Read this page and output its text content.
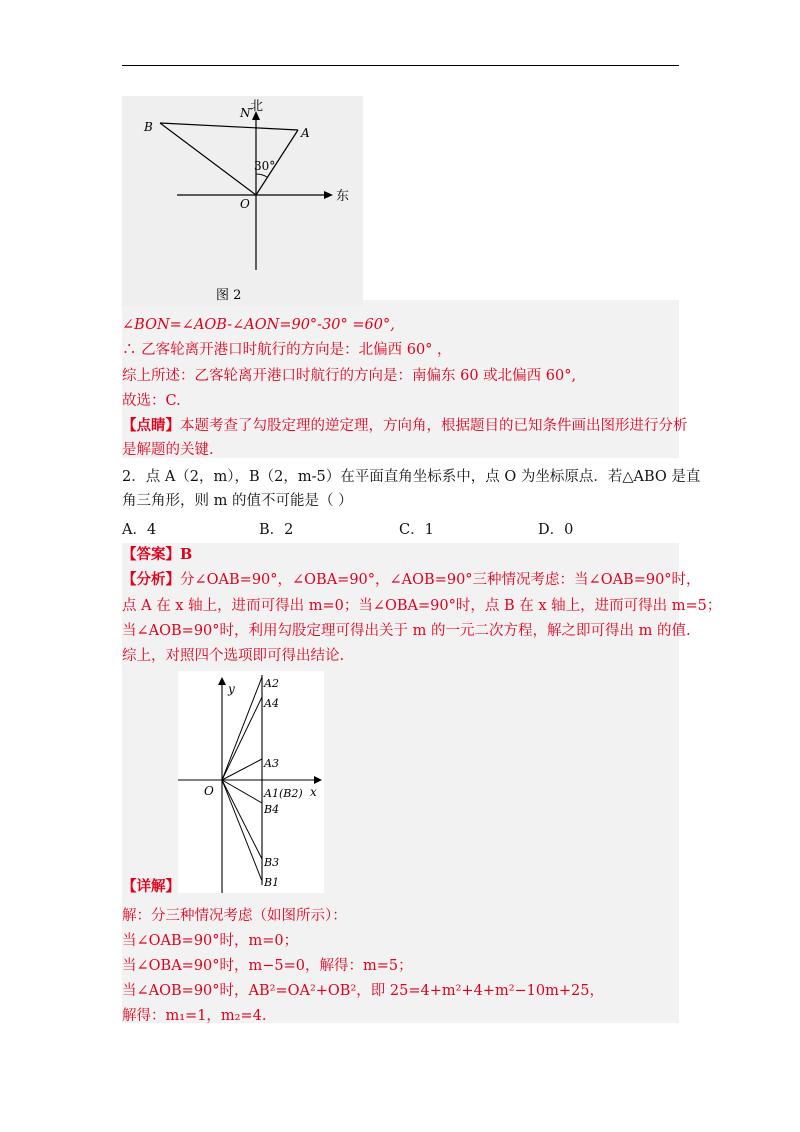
N 北
东
B	A
O
30°
图 2
∠BON=∠AOB-∠AON=90°-30° =60°,
∴ 乙客轮离开港口时航行的方向是：北偏西 60° ，
综上所述：乙客轮离开港口时航行的方向是：南偏东 60 或北偏西 60°,
故选：C.
【点睛】本题考查了勾股定理的逆定理，方向角，根据题目的已知条件画出图形进行分析
是解题的关键.
2．点 A（2，m），B（2，m-5）在平面直角坐标系中，点 O 为坐标原点．若△ABO 是直
角三角形，则 m 的值不可能是（ ）
A．4	B．2	C．1	D．0
【答案】B
【分析】分∠OAB=90°，∠OBA=90°，∠AOB=90°三种情况考虑：当∠OAB=90°时，
点 A 在 x 轴上，进而可得出 m=0；当∠OBA=90°时，点 B 在 x 轴上，进而可得出 m=5；
当∠AOB=90°时，利用勾股定理可得出关于 m 的一元二次方程，解之即可得出 m 的值.
综上，对照四个选项即可得出结论.
y
x
O
A2
A4
A3
A1(B2)
B4
B3
B1
【详解】
解：分三种情况考虑（如图所示）：
当∠OAB=90°时，m=0；
当∠OBA=90°时，m−5=0，解得：m=5；
当∠AOB=90°时，AB²=OA²+OB²，即 25=4+m²+4+m²−10m+25，
解得：m₁=1，m₂=4.
